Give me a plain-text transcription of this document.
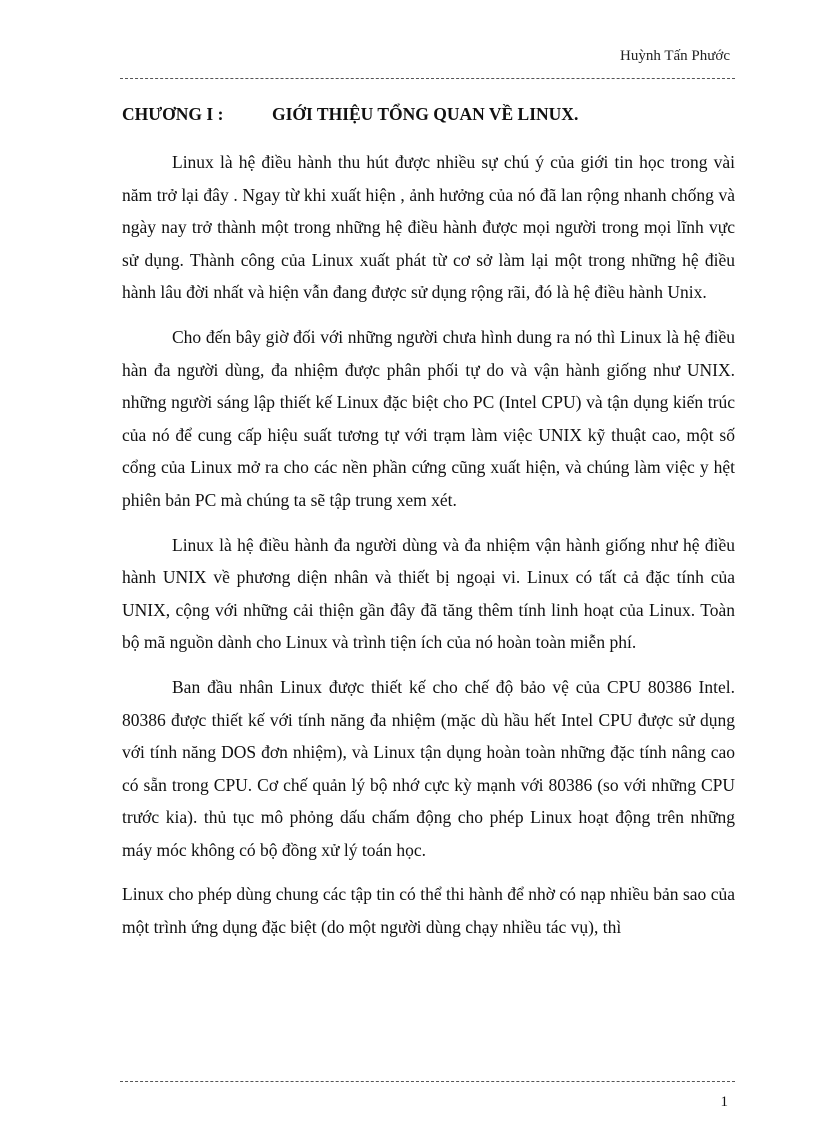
Huỳnh Tấn Phước
CHƯƠNG I :	GIỚI THIỆU TỔNG QUAN VỀ LINUX.

Linux là hệ điều hành thu hút được nhiều sự chú ý của giới tin học trong vài năm trở lại đây . Ngay từ khi xuất hiện , ảnh hưởng của nó đã lan rộng nhanh chống và ngày nay trở thành một trong những hệ điều hành được mọi người trong mọi lĩnh vực sử dụng. Thành công của Linux xuất phát từ cơ sở làm lại một trong những hệ điều hành lâu đời nhất và hiện vẫn đang được sử dụng rộng rãi, đó là hệ điều hành Unix.

Cho đến bây giờ đối với những người chưa hình dung ra nó thì Linux là hệ điều hàn đa người dùng, đa nhiệm được phân phối tự do và vận hành giống như UNIX. những người sáng lập thiết kế Linux đặc biệt cho PC (Intel CPU) và tận dụng kiến trúc của nó để cung cấp hiệu suất tương tự với trạm làm việc UNIX kỹ thuật cao, một số cổng của Linux mở ra cho các nền phần cứng cũng xuất hiện, và chúng làm việc y hệt phiên bản PC mà chúng ta sẽ tập trung xem xét.

Linux là hệ điều hành đa người dùng và đa nhiệm vận hành giống như hệ điều hành UNIX về phương diện nhân và thiết bị ngoại vi. Linux có tất cả đặc tính của UNIX, cộng với những cải thiện gần đây đã tăng thêm tính linh hoạt của Linux. Toàn bộ mã nguồn dành cho Linux và trình tiện ích của nó hoàn toàn miễn phí.

Ban đầu nhân Linux được thiết kế cho chế độ bảo vệ của CPU 80386 Intel. 80386 được thiết kế với tính năng đa nhiệm (mặc dù hầu hết Intel CPU được sử dụng với tính năng DOS đơn nhiệm), và Linux tận dụng hoàn toàn những đặc tính nâng cao có sẵn trong CPU. Cơ chế quản lý bộ nhớ cực kỳ mạnh với 80386 (so với những CPU trước kia). thủ tục mô phỏng dấu chấm động cho phép Linux hoạt động trên những máy móc không có bộ đồng xử lý toán học.

Linux cho phép dùng chung các tập tin có thể thi hành để nhờ có nạp nhiều bản sao của một trình ứng dụng đặc biệt (do một người dùng chạy nhiều tác vụ), thì

1
